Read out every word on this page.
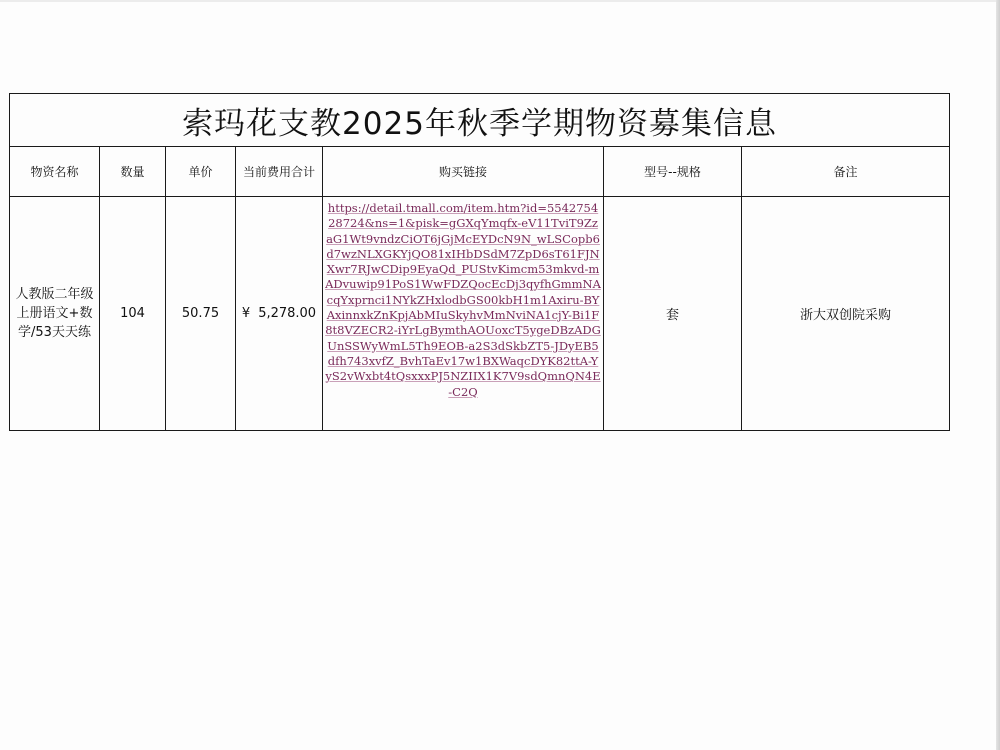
索玛花支教2025年秋季学期物资募集信息						
物资名称	数量	单价	当前费用合计	购买链接	型号--规格	备注
人教版二年级上册语文+数学/53天天练	104	50.75	¥ 5,278.00	https://detail.tmall.com/item.htm?id=554275428724&ns=1&pisk=gGXqYmqfx-eV11TviT9ZzaG1Wt9vndzCiOT6jGjMcEYDcN9N_wLSCopb6d7wzNLXGKYjQO81xIHbDSdM7ZpD6sT61FJNXwr7RJwCDip9EyaQd_PUStvKimcm53mkvd-mADvuwip91PoS1WwFDZQocEcDj3qyfhGmmNAcqYxprnci1NYkZHxlodbGS00kbH1m1Axiru-BYAxinnxkZnKpjAbMIuSkyhvMmNviNA1cjY-Bi1F8t8VZECR2-iYrLgBymthAOUoxcT5ygeDBzADGUnSSWyWmL5Th9EOB-a2S3dSkbZT5-JDyEB5dfh743xvfZ_BvhTaEv17w1BXWaqcDYK82ttA-YyS2vWxbt4tQsxxxPJ5NZIIX1K7V9sdQmnQN4E-C2Q	套	浙大双创院采购
